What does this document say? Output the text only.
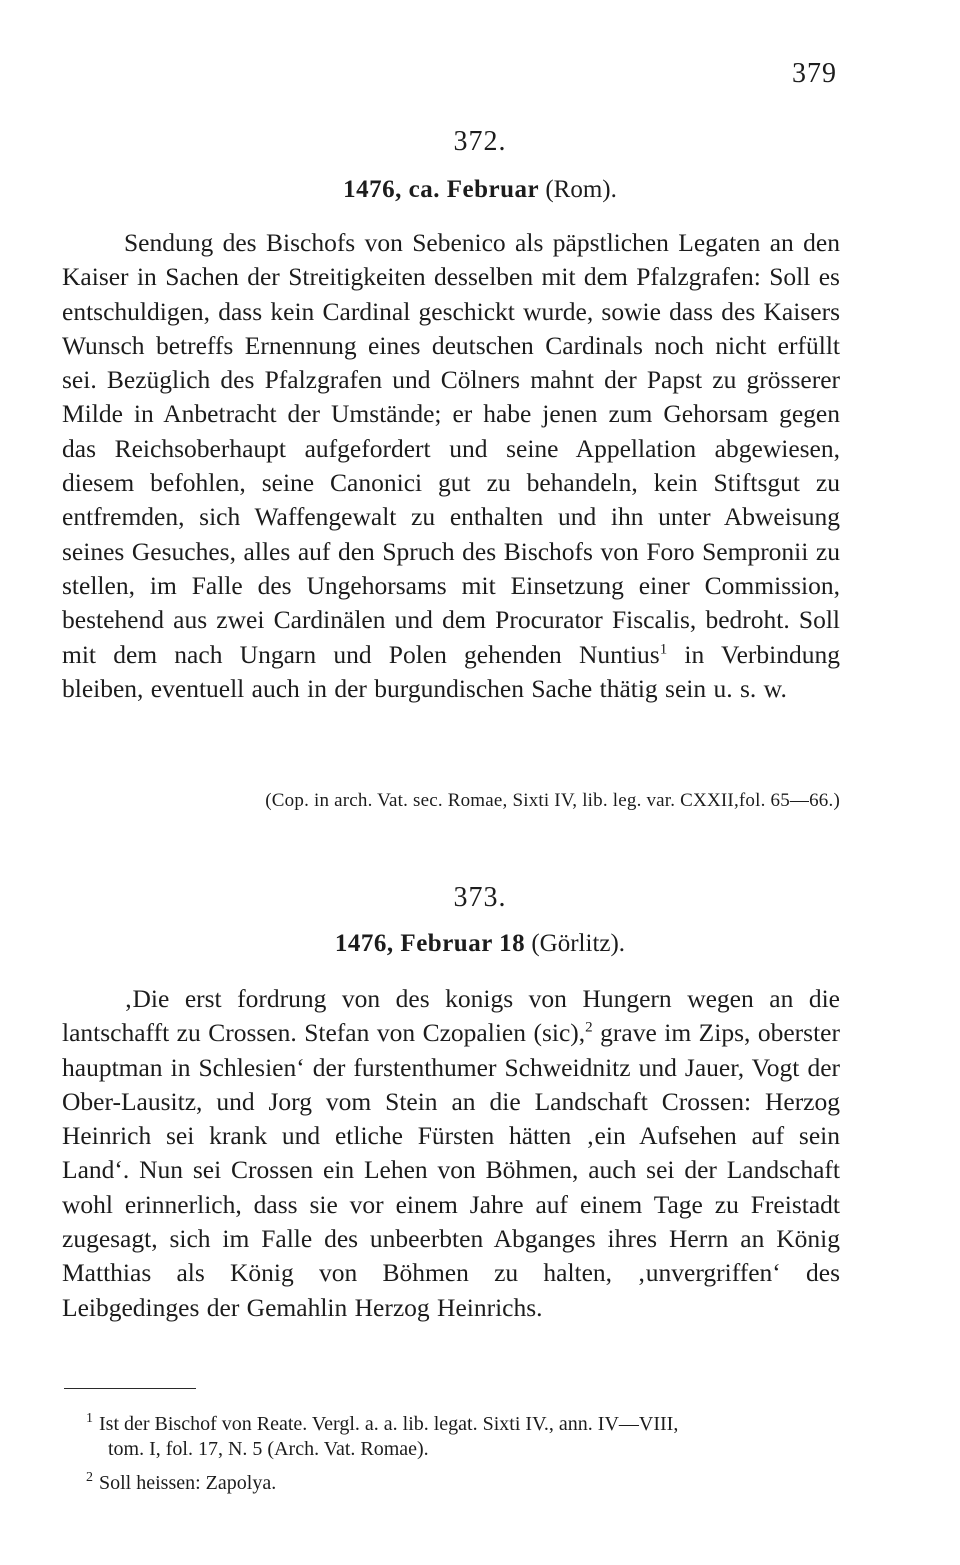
379
372.
1476, ca. Februar (Rom).

Sendung des Bischofs von Sebenico als päpstlichen Legaten an den Kaiser in Sachen der Streitigkeiten desselben mit dem Pfalzgrafen: Soll es entschuldigen, dass kein Cardinal geschickt wurde, sowie dass des Kaisers Wunsch betreffs Ernennung eines deutschen Cardinals noch nicht erfüllt sei. Bezüglich des Pfalzgrafen und Cölners mahnt der Papst zu grösserer Milde in Anbetracht der Umstände; er habe jenen zum Gehorsam gegen das Reichsoberhaupt aufgefordert und seine Appellation abgewiesen, diesem befohlen, seine Canonici gut zu behandeln, kein Stiftsgut zu entfremden, sich Waffengewalt zu enthalten und ihn unter Abweisung seines Gesuches, alles auf den Spruch des Bischofs von Foro Sempronii zu stellen, im Falle des Ungehorsams mit Einsetzung einer Commission, bestehend aus zwei Cardinälen und dem Procurator Fiscalis, bedroht. Soll mit dem nach Ungarn und Polen gehenden Nuntius$^1$ in Verbindung bleiben, eventuell auch in der burgundischen Sache thätig sein u. s. w.

(Cop. in arch. Vat. sec. Romae, Sixti IV, lib. leg. var. CXXII,fol. 65—66.)
373.
1476, Februar 18 (Görlitz).

‚Die erst fordrung von des konigs von Hungern wegen an die lantschafft zu Crossen. Stefan von Czopalien (sic),$^2$ grave im Zips, oberster hauptman in Schlesien‘ der furstenthumer Schweidnitz und Jauer, Vogt der Ober-Lausitz, und Jorg vom Stein an die Landschaft Crossen: Herzog Heinrich sei krank und etliche Fürsten hätten ‚ein Aufsehen auf sein Land‘. Nun sei Crossen ein Lehen von Böhmen, auch sei der Landschaft wohl erinnerlich, dass sie vor einem Jahre auf einem Tage zu Freistadt zugesagt, sich im Falle des unbeerbten Abganges ihres Herrn an König Matthias als König von Böhmen zu halten, ‚unvergriffen‘ des Leibgedinges der Gemahlin Herzog Heinrichs.

$^1$ Ist der Bischof von Reate. Vergl. a. a. lib. legat. Sixti IV., ann. IV—VIII,
tom. I, fol. 17, N. 5 (Arch. Vat. Romae).

$^2$ Soll heissen: Zapolya.
